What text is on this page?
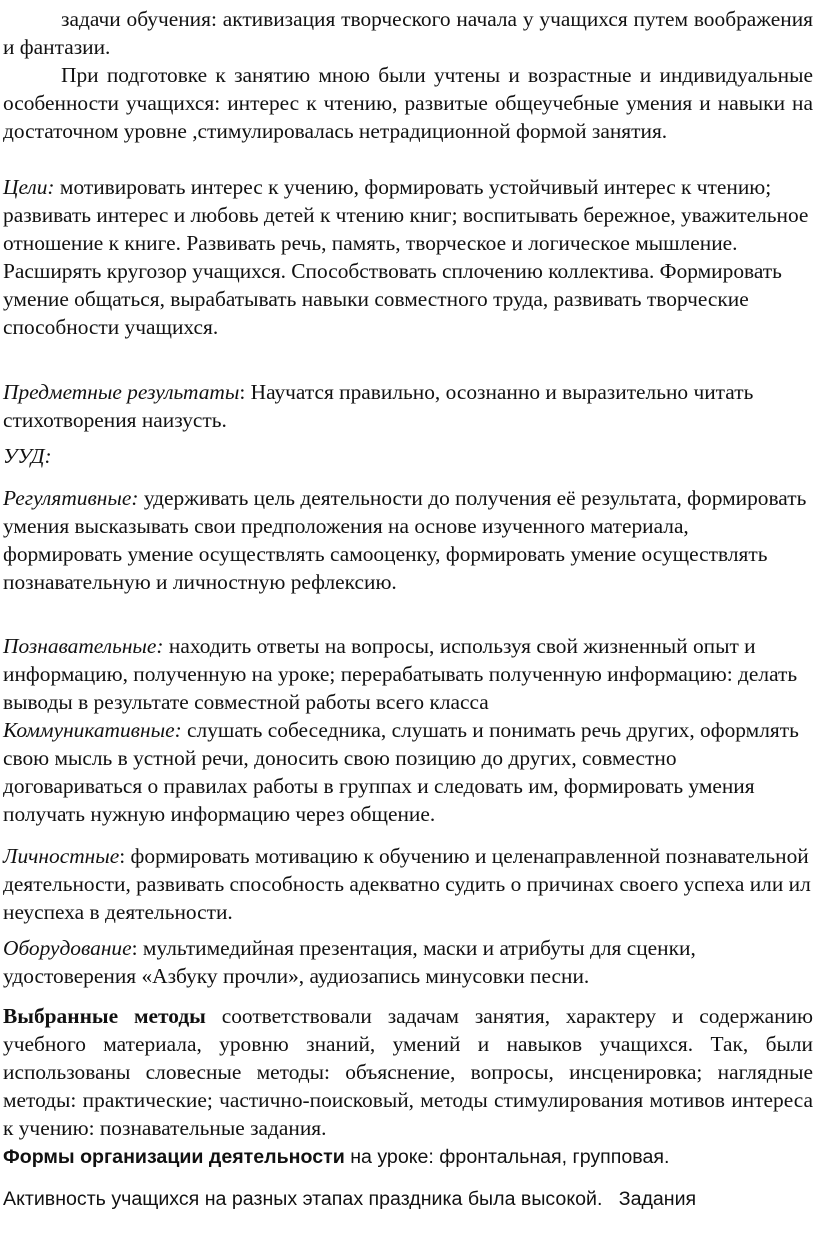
задачи обучения: активизация творческого начала у учащихся путем воображения и фантазии.

При подготовке к занятию мною были учтены и возрастные и индивидуальные особенности учащихся: интерес к чтению, развитые общеучебные умения и навыки на достаточном уровне ,стимулировалась нетрадиционной формой занятия.

Цели: мотивировать интерес к учению, формировать устойчивый интерес к чтению; развивать интерес и любовь детей к чтению книг; воспитывать бережное, уважительное отношение к книге. Развивать речь, память, творческое и логическое мышление. Расширять кругозор учащихся. Способствовать сплочению коллектива. Формировать умение общаться, вырабатывать навыки совместного труда, развивать творческие способности учащихся.

Предметные результаты: Научатся правильно, осознанно и выразительно читать стихотворения наизусть.

УУД:

Регулятивные: удерживать цель деятельности до получения её результата, формировать умения высказывать свои предположения на основе изученного материала, формировать умение осуществлять самооценку, формировать умение осуществлять познавательную и личностную рефлексию.

Познавательные: находить ответы на вопросы, используя свой жизненный опыт и информацию, полученную на уроке; перерабатывать полученную информацию: делать выводы в результате совместной работы всего класса

Коммуникативные: слушать собеседника, слушать и понимать речь других, оформлять свою мысль в устной речи, доносить свою позицию до других, совместно договариваться о правилах работы в группах и следовать им, формировать умения получать нужную информацию через общение.

Личностные: формировать мотивацию к обучению и целенаправленной познавательной деятельности, развивать способность адекватно судить о причинах своего успеха или ил неуспеха в деятельности.

Оборудование: мультимедийная презентация, маски и атрибуты для сценки, удостоверения «Азбуку прочли», аудиозапись минусовки песни.

Выбранные методы соответствовали задачам занятия, характеру и содержанию учебного материала, уровню знаний, умений и навыков учащихся. Так, были использованы словесные методы: объяснение, вопросы, инсценировка; наглядные методы: практические; частично-поисковый, методы стимулирования мотивов интереса к учению: познавательные задания.

Формы организации деятельности на уроке: фронтальная, групповая.

Активность учащихся на разных этапах праздника была высокой.   Задания
